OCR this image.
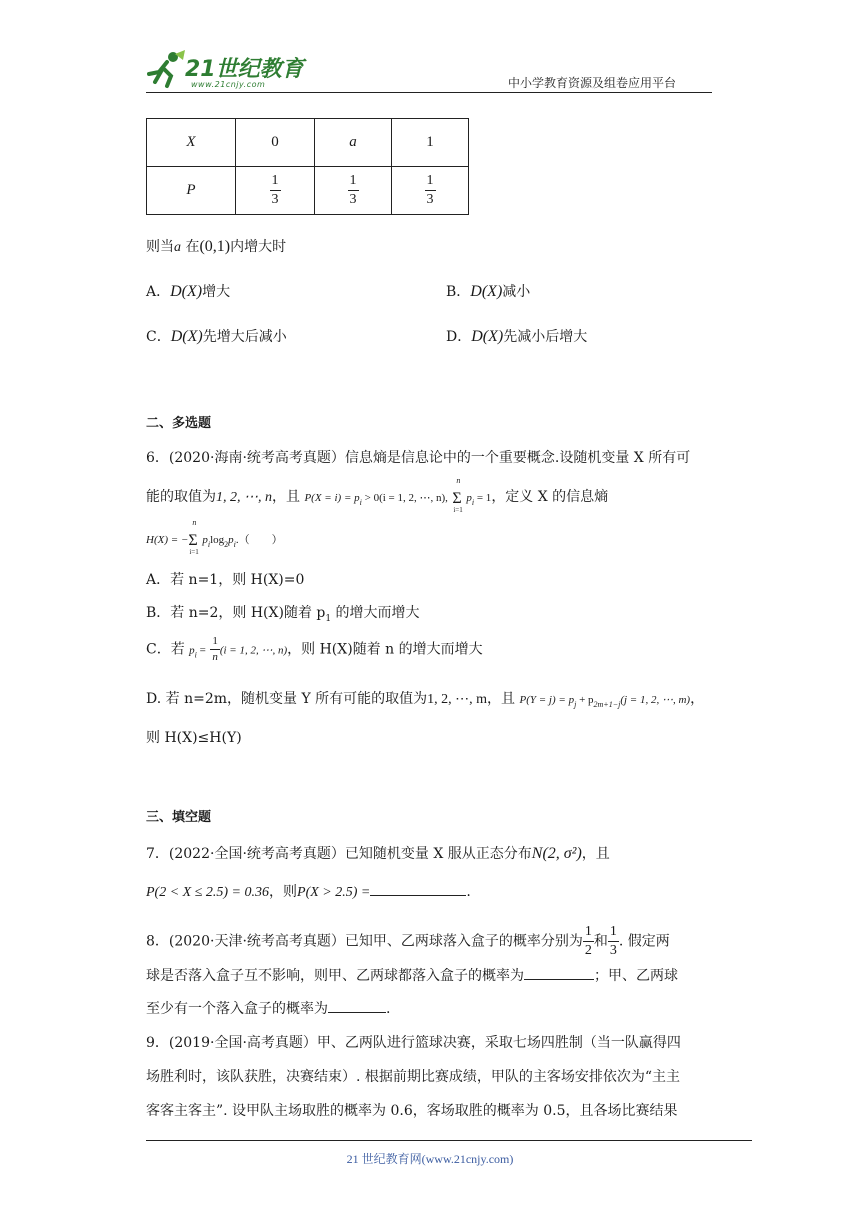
21世纪教育
www.21cnjy.com	中小学教育资源及组卷应用平台
X	0	a	1
P	$\frac{1}{3}$	$\frac{1}{3}$	$\frac{1}{3}$
则当a 在(0,1)内增大时
A．D(X)增大	B．D(X)减小
C．D(X)先增大后减小	D．D(X)先减小后增大
二、多选题
6．(2020·海南·统考高考真题）信息熵是信息论中的一个重要概念.设随机变量 X 所有可
能的取值为1, 2, ⋯, n，且 $P(X = i) = p_i > 0(i = 1$, 2, ⋯, n),
n
Σ
i=1
$p_i = 1$，定义 X 的信息熵
H(X) = −
n
Σ
i=1
$p_i\log_2p_i$.（　　）
A．若 n=1，则 H(X)=0
B．若 n=2，则 H(X)随着 $p_1$ 的增大而增大
C．若 $p_i = \frac{1}{n} (i = 1$, 2, ⋯, n)，则 H(X)随着 n 的增大而增大
D. 若 n=2m，随机变量 Y 所有可能的取值为1, 2, ⋯, m，且 $P(Y = j) = p_j + p_{2m+1-j}(j = 1$, 2, ⋯, m)，
则 H(X)≤H(Y)
三、填空题
7．(2022·全国·统考高考真题）已知随机变量 X 服从正态分布N(2, σ²)，且
P(2 < X ≤ 2.5) = 0.36，则P(X > 2.5) =	.
8．(2020·天津·统考高考真题）已知甲、乙两球落入盒子的概率分别为 $\frac{1}{2}$ 和 $\frac{1}{3}$ . 假定两
球是否落入盒子互不影响，则甲、乙两球都落入盒子的概率为	；甲、乙两球
至少有一个落入盒子的概率为	.
9．(2019·全国·高考真题）甲、乙两队进行篮球决赛，采取七场四胜制（当一队赢得四
场胜利时，该队获胜，决赛结束）. 根据前期比赛成绩，甲队的主客场安排依次为“主主
客客主客主”. 设甲队主场取胜的概率为 0.6，客场取胜的概率为 0.5，且各场比赛结果
21 世纪教育网(www.21cnjy.com)
